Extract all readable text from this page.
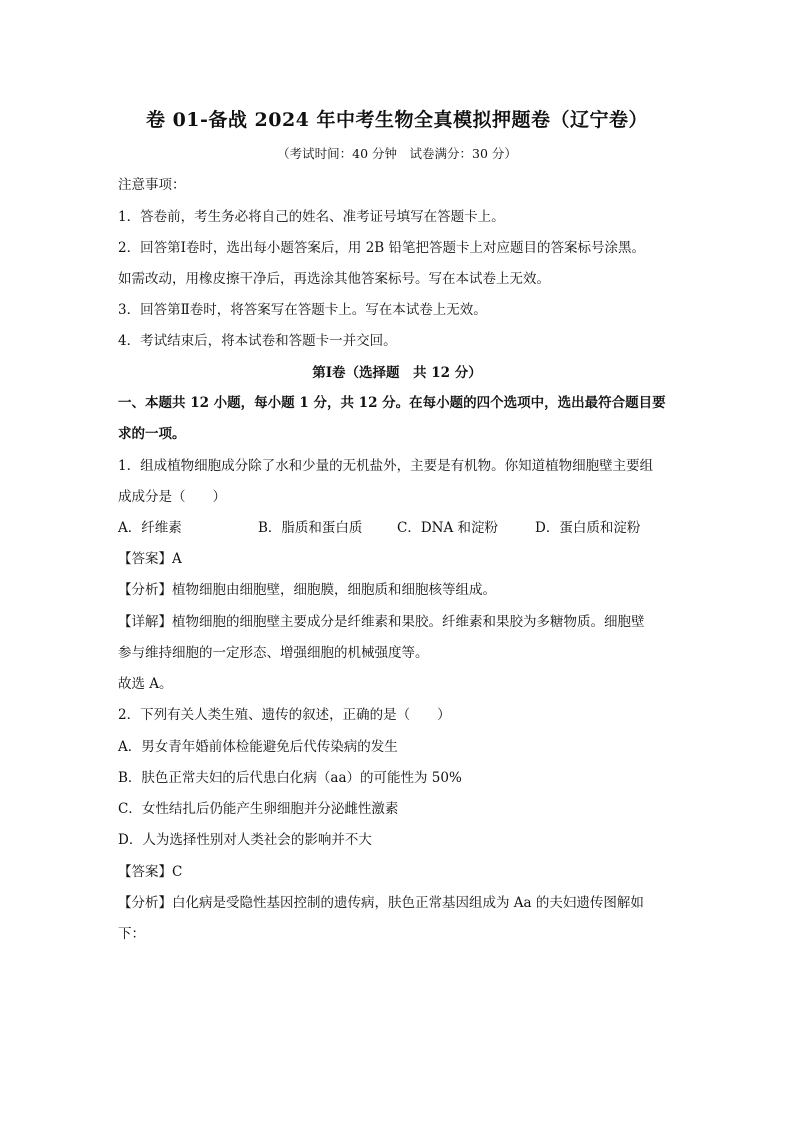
卷 01-备战 2024 年中考生物全真模拟押题卷（辽宁卷）
（考试时间：40 分钟　试卷满分：30 分）
注意事项：
1．答卷前，考生务必将自己的姓名、准考证号填写在答题卡上。
2．回答第Ⅰ卷时，选出每小题答案后，用 2B 铅笔把答题卡上对应题目的答案标号涂黑。
如需改动，用橡皮擦干净后，再选涂其他答案标号。写在本试卷上无效。
3．回答第Ⅱ卷时，将答案写在答题卡上。写在本试卷上无效。
4．考试结束后，将本试卷和答题卡一并交回。
第Ⅰ卷（选择题　共 12 分）
一、本题共 12 小题，每小题 1 分，共 12 分。在每小题的四个选项中，选出最符合题目要
求的一项。
1．组成植物细胞成分除了水和少量的无机盐外，主要是有机物。你知道植物细胞壁主要组
成成分是（　　）
A．纤维素	B．脂质和蛋白质	C．DNA 和淀粉	D．蛋白质和淀粉
【答案】A
【分析】植物细胞由细胞壁，细胞膜，细胞质和细胞核等组成。
【详解】植物细胞的细胞壁主要成分是纤维素和果胶。纤维素和果胶为多糖物质。细胞壁
参与维持细胞的一定形态、增强细胞的机械强度等。
故选 A。
2．下列有关人类生殖、遗传的叙述，正确的是（　　）
A．男女青年婚前体检能避免后代传染病的发生
B．肤色正常夫妇的后代患白化病（aa）的可能性为 50%
C．女性结扎后仍能产生卵细胞并分泌雌性激素
D．人为选择性别对人类社会的影响并不大
【答案】C
【分析】白化病是受隐性基因控制的遗传病，肤色正常基因组成为 Aa 的夫妇遗传图解如
下：
